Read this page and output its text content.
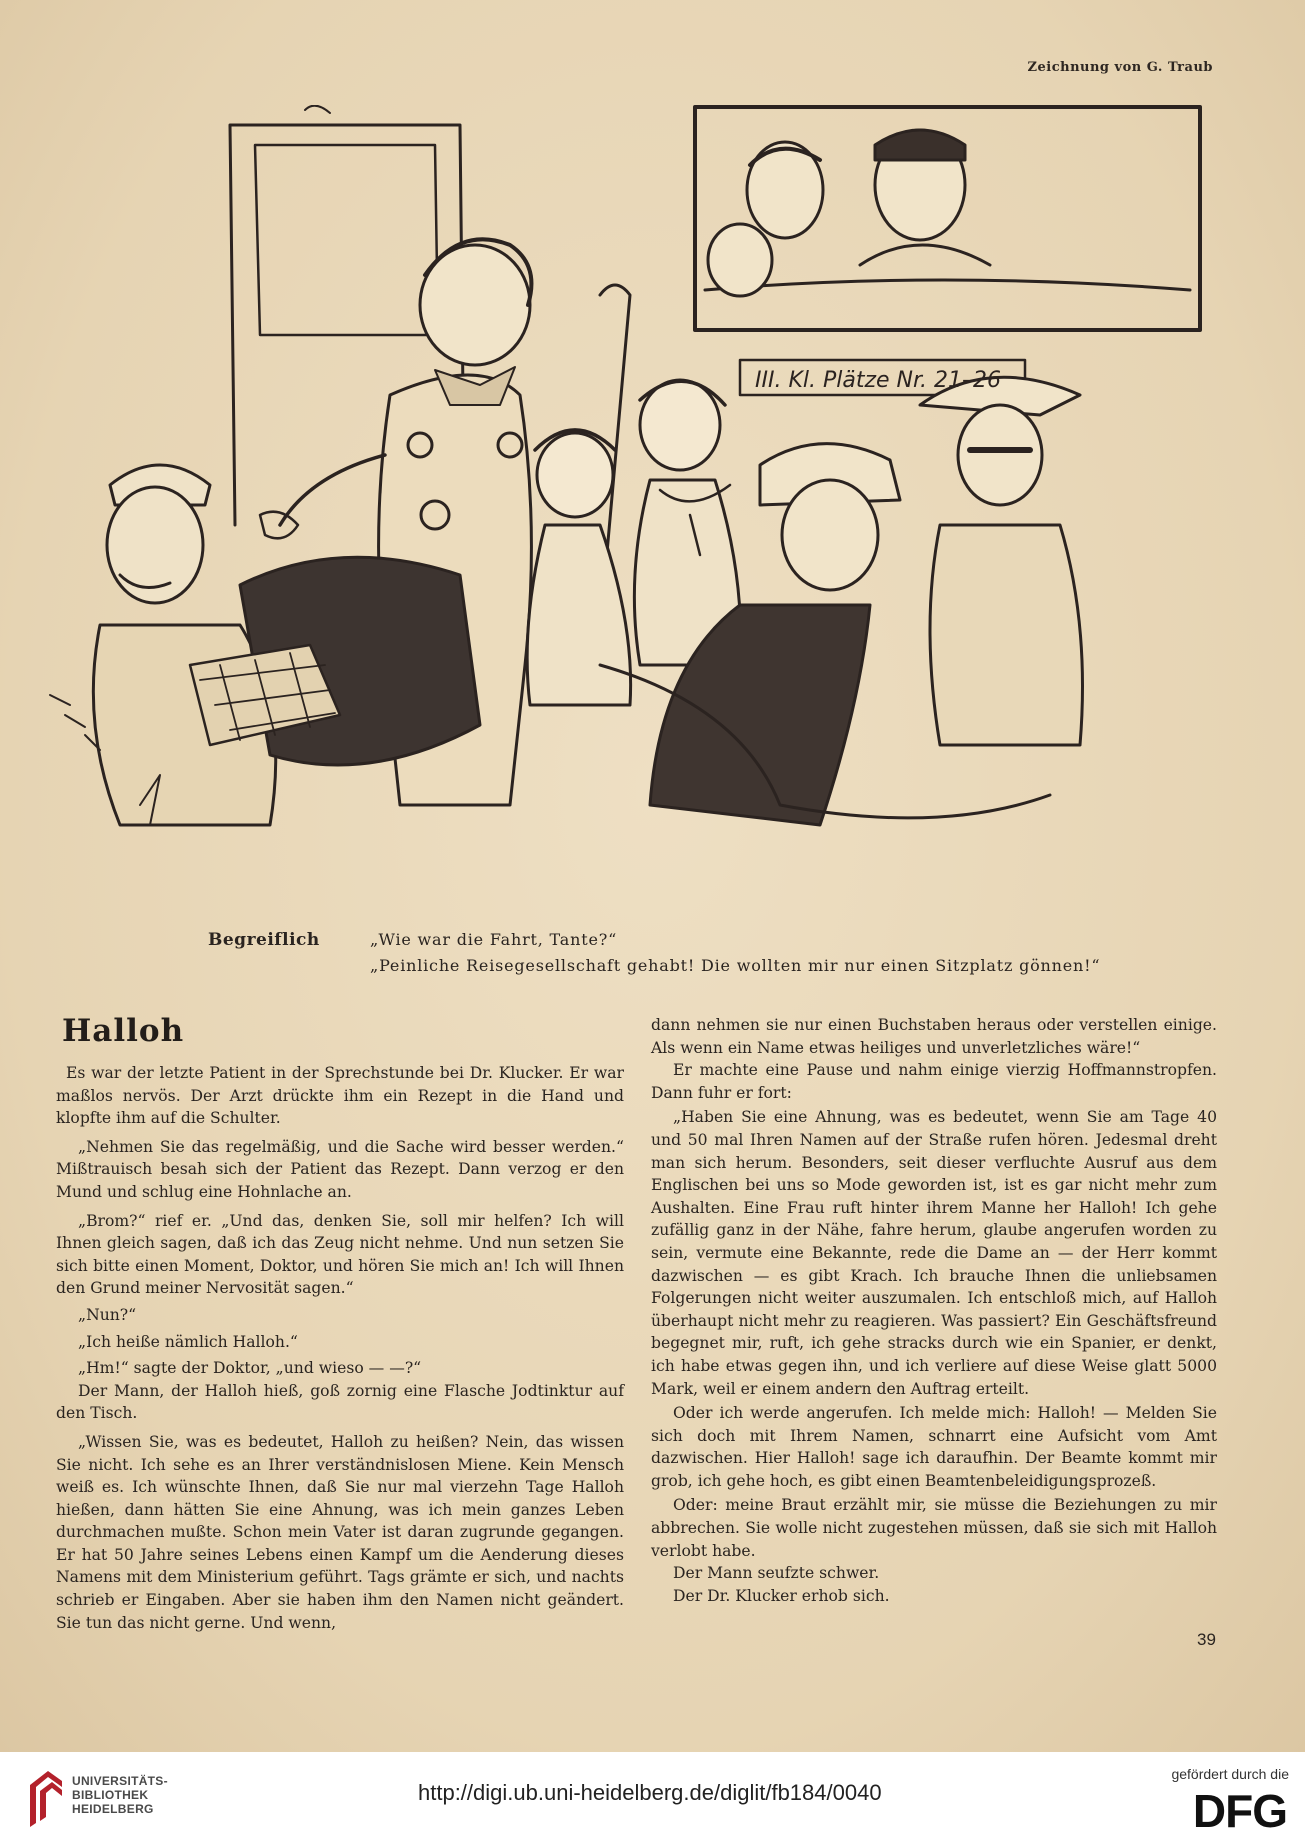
Zeichnung von G. Traub
III. Kl. Plätze Nr. 21–26
Begreiflich	„Wie war die Fahrt, Tante?“
„Peinliche Reisegesellschaft gehabt! Die wollten mir nur einen Sitzplatz gönnen!“
Halloh

Es war der letzte Patient in der Sprechstunde bei Dr. Klucker. Er war maßlos nervös. Der Arzt drückte ihm ein Rezept in die Hand und klopfte ihm auf die Schulter.

„Nehmen Sie das regelmäßig, und die Sache wird besser werden.“ Mißtrauisch besah sich der Patient das Rezept. Dann verzog er den Mund und schlug eine Hohnlache an.

„Brom?“ rief er. „Und das, denken Sie, soll mir helfen? Ich will Ihnen gleich sagen, daß ich das Zeug nicht nehme. Und nun setzen Sie sich bitte einen Moment, Doktor, und hören Sie mich an! Ich will Ihnen den Grund meiner Nervosität sagen.“

„Nun?“

„Ich heiße nämlich Halloh.“

„Hm!“ sagte der Doktor, „und wieso — —?“

Der Mann, der Halloh hieß, goß zornig eine Flasche Jodtinktur auf den Tisch.

„Wissen Sie, was es bedeutet, Halloh zu heißen? Nein, das wissen Sie nicht. Ich sehe es an Ihrer verständnislosen Miene. Kein Mensch weiß es. Ich wünschte Ihnen, daß Sie nur mal vierzehn Tage Halloh hießen, dann hätten Sie eine Ahnung, was ich mein ganzes Leben durchmachen mußte. Schon mein Vater ist daran zugrunde gegangen. Er hat 50 Jahre seines Lebens einen Kampf um die Aenderung dieses Namens mit dem Ministerium geführt. Tags grämte er sich, und nachts schrieb er Eingaben. Aber sie haben ihm den Namen nicht geändert. Sie tun das nicht gerne. Und wenn,

dann nehmen sie nur einen Buchstaben heraus oder verstellen einige. Als wenn ein Name etwas heiliges und unverletzliches wäre!“

Er machte eine Pause und nahm einige vierzig Hoffmannstropfen. Dann fuhr er fort:

„Haben Sie eine Ahnung, was es bedeutet, wenn Sie am Tage 40 und 50 mal Ihren Namen auf der Straße rufen hören. Jedesmal dreht man sich herum. Besonders, seit dieser verfluchte Ausruf aus dem Englischen bei uns so Mode geworden ist, ist es gar nicht mehr zum Aushalten. Eine Frau ruft hinter ihrem Manne her Halloh! Ich gehe zufällig ganz in der Nähe, fahre herum, glaube angerufen worden zu sein, vermute eine Bekannte, rede die Dame an — der Herr kommt dazwischen — es gibt Krach. Ich brauche Ihnen die unliebsamen Folgerungen nicht weiter auszumalen. Ich entschloß mich, auf Halloh überhaupt nicht mehr zu reagieren. Was passiert? Ein Geschäftsfreund begegnet mir, ruft, ich gehe stracks durch wie ein Spanier, er denkt, ich habe etwas gegen ihn, und ich verliere auf diese Weise glatt 5000 Mark, weil er einem andern den Auftrag erteilt.

Oder ich werde angerufen. Ich melde mich: Halloh! — Melden Sie sich doch mit Ihrem Namen, schnarrt eine Aufsicht vom Amt dazwischen. Hier Halloh! sage ich daraufhin. Der Beamte kommt mir grob, ich gehe hoch, es gibt einen Beamtenbeleidigungsprozeß.

Oder: meine Braut erzählt mir, sie müsse die Beziehungen zu mir abbrechen. Sie wolle nicht zugestehen müssen, daß sie sich mit Halloh verlobt habe.

Der Mann seufzte schwer.

Der Dr. Klucker erhob sich.

39
UNIVERSITÄTS-
BIBLIOTHEK
HEIDELBERG
http://digi.ub.uni-heidelberg.de/diglit/fb184/0040
gefördert durch die
DFG
